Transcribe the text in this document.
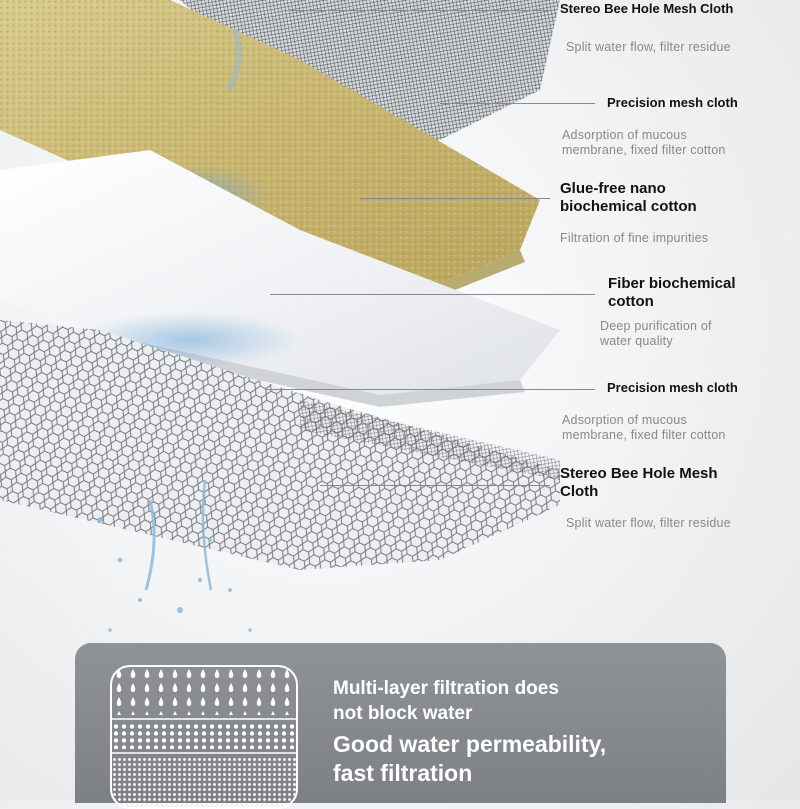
Stereo Bee Hole Mesh Cloth
Split water flow, filter residue
Precision mesh cloth
Adsorption of mucous
membrane, fixed filter cotton
Glue-free nano
biochemical cotton
Filtration of fine impurities
Fiber biochemical
cotton
Deep purification of
water quality
Precision mesh cloth
Adsorption of mucous
membrane, fixed filter cotton
Stereo Bee Hole Mesh
Cloth
Split water flow, filter residue
Multi-layer filtration does
not block water
Good water permeability,
fast filtration
